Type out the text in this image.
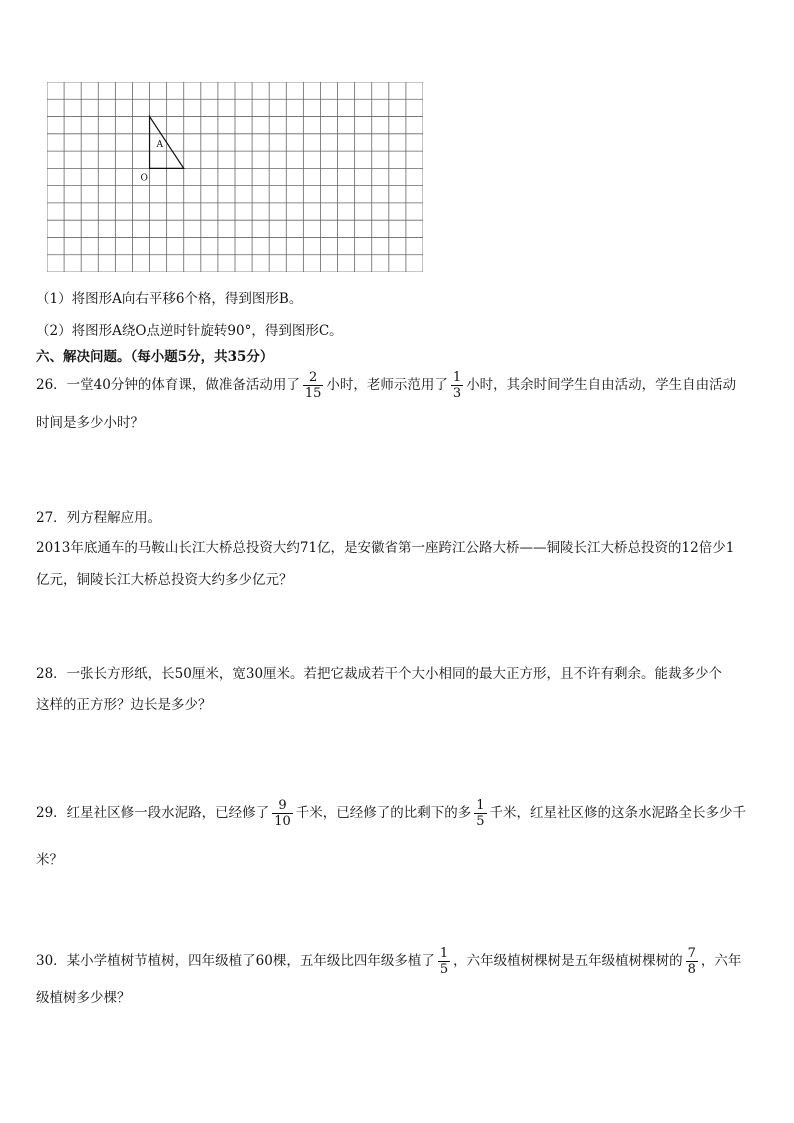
A
O
（1）将图形A向右平移6个格，得到图形B。
（2）将图形A绕O点逆时针旋转90°，得到图形C。
六、解决问题。（每小题5分，共35分）
26．一堂40分钟的体育课，做准备活动用了 $\frac{2}{15}$ 小时，老师示范用了 $\frac{1}{3}$ 小时，其余时间学生自由活动，学生自由活动
时间是多少小时？
27．列方程解应用。
2013年底通车的马鞍山长江大桥总投资大约71亿，是安徽省第一座跨江公路大桥——铜陵长江大桥总投资的12倍少1
亿元，铜陵长江大桥总投资大约多少亿元？
28．一张长方形纸，长50厘米，宽30厘米。若把它裁成若干个大小相同的最大正方形，且不许有剩余。能裁多少个
这样的正方形？边长是多少？
29．红星社区修一段水泥路，已经修了 $\frac{9}{10}$ 千米，已经修了的比剩下的多 $\frac{1}{5}$ 千米，红星社区修的这条水泥路全长多少千
米？
30．某小学植树节植树，四年级植了60棵，五年级比四年级多植了 $\frac{1}{5}$ ，六年级植树棵树是五年级植树棵树的 $\frac{7}{8}$ ，六年
级植树多少棵？
